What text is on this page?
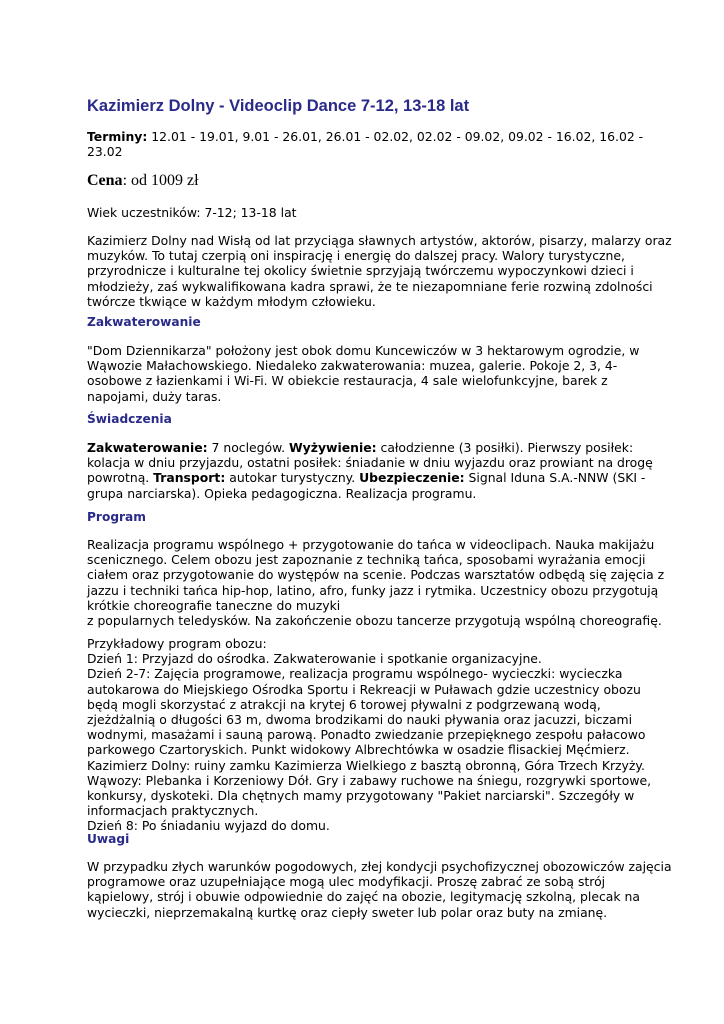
Kazimierz Dolny - Videoclip Dance 7-12, 13-18 lat

Terminy: 12.01 - 19.01, 9.01 - 26.01, 26.01 - 02.02, 02.02 - 09.02, 09.02 - 16.02, 16.02 -
23.02

Cena: od 1009 zł

Wiek uczestników: 7-12; 13-18 lat

Kazimierz Dolny nad Wisłą od lat przyciąga sławnych artystów, aktorów, pisarzy, malarzy oraz
muzyków. To tutaj czerpią oni inspirację i energię do dalszej pracy. Walory turystyczne,
przyrodnicze i kulturalne tej okolicy świetnie sprzyjają twórczemu wypoczynkowi dzieci i
młodzieży, zaś wykwalifikowana kadra sprawi, że te niezapomniane ferie rozwiną zdolności
twórcze tkwiące w każdym młodym człowieku.

Zakwaterowanie

"Dom Dziennikarza" położony jest obok domu Kuncewiczów w 3 hektarowym ogrodzie, w
Wąwozie Małachowskiego. Niedaleko zakwaterowania: muzea, galerie. Pokoje 2, 3, 4-
osobowe z łazienkami i Wi-Fi. W obiekcie restauracja, 4 sale wielofunkcyjne, barek z
napojami, duży taras.

Świadczenia

Zakwaterowanie: 7 noclegów. Wyżywienie: całodzienne (3 posiłki). Pierwszy posiłek:
kolacja w dniu przyjazdu, ostatni posiłek: śniadanie w dniu wyjazdu oraz prowiant na drogę
powrotną. Transport: autokar turystyczny. Ubezpieczenie: Signal Iduna S.A.-NNW (SKI -
grupa narciarska). Opieka pedagogiczna. Realizacja programu.

Program

Realizacja programu wspólnego + przygotowanie do tańca w videoclipach. Nauka makijażu
scenicznego. Celem obozu jest zapoznanie z techniką tańca, sposobami wyrażania emocji
ciałem oraz przygotowanie do występów na scenie. Podczas warsztatów odbędą się zajęcia z
jazzu i techniki tańca hip-hop, latino, afro, funky jazz i rytmika. Uczestnicy obozu przygotują
krótkie choreografie taneczne do muzyki
z popularnych teledysków. Na zakończenie obozu tancerze przygotują wspólną choreografię.

Przykładowy program obozu:
Dzień 1: Przyjazd do ośrodka. Zakwaterowanie i spotkanie organizacyjne.
Dzień 2-7: Zajęcia programowe, realizacja programu wspólnego- wycieczki: wycieczka
autokarowa do Miejskiego Ośrodka Sportu i Rekreacji w Puławach gdzie uczestnicy obozu
będą mogli skorzystać z atrakcji na krytej 6 torowej pływalni z podgrzewaną wodą,
zjeżdżalnią o długości 63 m, dwoma brodzikami do nauki pływania oraz jacuzzi, biczami
wodnymi, masażami i sauną parową. Ponadto zwiedzanie przepięknego zespołu pałacowo
parkowego Czartoryskich. Punkt widokowy Albrechtówka w osadzie flisackiej Męćmierz.
Kazimierz Dolny: ruiny zamku Kazimierza Wielkiego z basztą obronną, Góra Trzech Krzyży.
Wąwozy: Plebanka i Korzeniowy Dół. Gry i zabawy ruchowe na śniegu, rozgrywki sportowe,
konkursy, dyskoteki. Dla chętnych mamy przygotowany "Pakiet narciarski". Szczegóły w
informacjach praktycznych.
Dzień 8: Po śniadaniu wyjazd do domu.

Uwagi

W przypadku złych warunków pogodowych, złej kondycji psychofizycznej obozowiczów zajęcia
programowe oraz uzupełniające mogą ulec modyfikacji. Proszę zabrać ze sobą strój
kąpielowy, strój i obuwie odpowiednie do zajęć na obozie, legitymację szkolną, plecak na
wycieczki, nieprzemakalną kurtkę oraz ciepły sweter lub polar oraz buty na zmianę.
